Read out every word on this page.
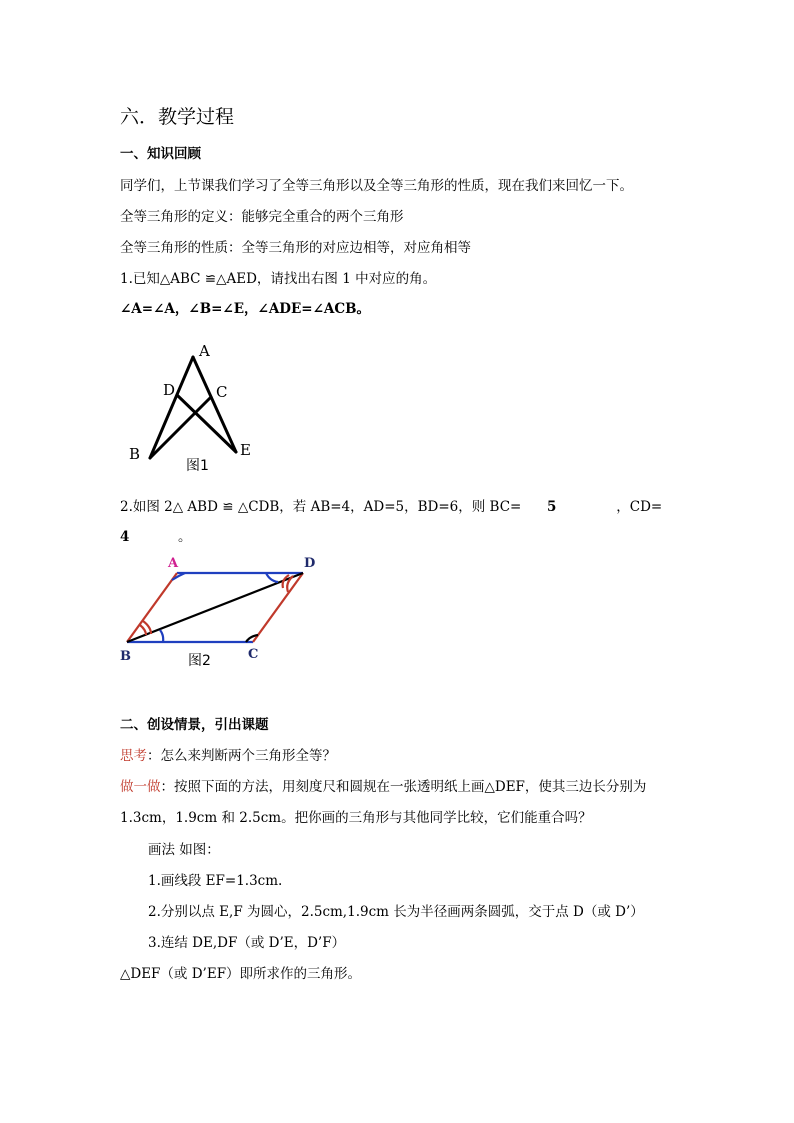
六．教学过程
一、知识回顾
同学们，上节课我们学习了全等三角形以及全等三角形的性质，现在我们来回忆一下。
全等三角形的定义：能够完全重合的两个三角形
全等三角形的性质：全等三角形的对应边相等，对应角相等
1.已知△ABC ≌△AED，请找出右图 1 中对应的角。
∠A=∠A，∠B=∠E，∠ADE=∠ACB。
A
D	C
B	E
图1
2.如图 2△ ABD ≌ △CDB，若 AB=4，AD=5，BD=6，则 BC= 5	，CD=
4	。
A	D
B	C
图2
二、创设情景，引出课题
思考：怎么来判断两个三角形全等？
做一做：按照下面的方法，用刻度尺和圆规在一张透明纸上画△DEF，使其三边长分别为
1.3cm，1.9cm 和 2.5cm。把你画的三角形与其他同学比较，它们能重合吗？
画法 如图：
1.画线段 EF=1.3cm.
2.分别以点 E,F 为圆心，2.5cm,1.9cm 长为半径画两条圆弧，交于点 D（或 D’）
3.连结 DE,DF（或 D’E，D’F）
△DEF（或 D’EF）即所求作的三角形。
